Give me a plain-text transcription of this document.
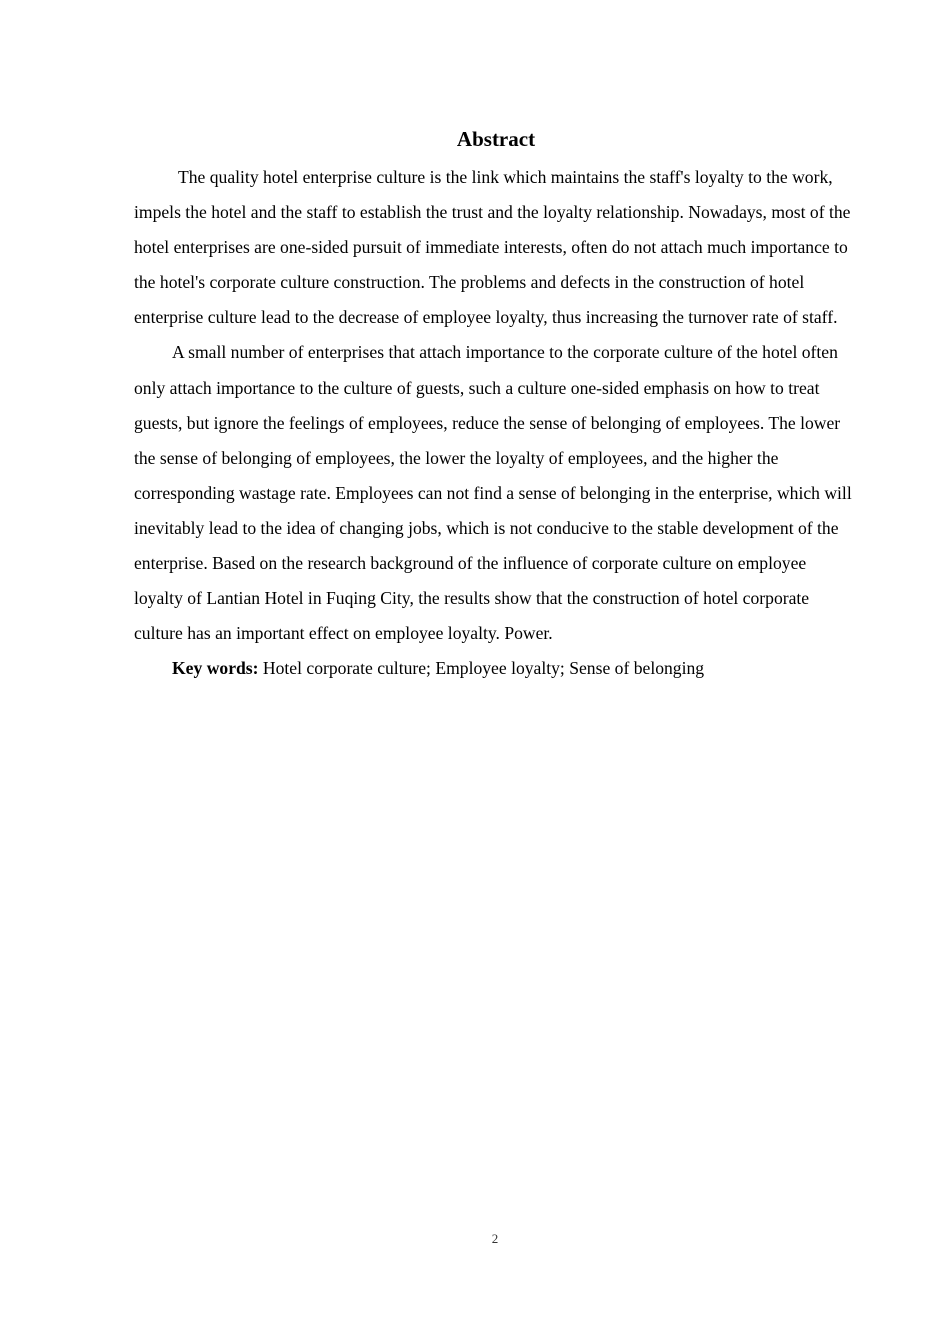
Abstract

The quality hotel enterprise culture is the link which maintains the staff's loyalty to the work, impels the hotel and the staff to establish the trust and the loyalty relationship. Nowadays, most of the hotel enterprises are one-sided pursuit of immediate interests, often do not attach much importance to the hotel's corporate culture construction. The problems and defects in the construction of hotel enterprise culture lead to the decrease of employee loyalty, thus increasing the turnover rate of staff.

A small number of enterprises that attach importance to the corporate culture of the hotel often only attach importance to the culture of guests, such a culture one-sided emphasis on how to treat guests, but ignore the feelings of employees, reduce the sense of belonging of employees. The lower the sense of belonging of employees, the lower the loyalty of employees, and the higher the corresponding wastage rate. Employees can not find a sense of belonging in the enterprise, which will inevitably lead to the idea of changing jobs, which is not conducive to the stable development of the enterprise. Based on the research background of the influence of corporate culture on employee loyalty of Lantian Hotel in Fuqing City, the results show that the construction of hotel corporate culture has an important effect on employee loyalty. Power.

Key words: Hotel corporate culture; Employee loyalty; Sense of belonging

2
